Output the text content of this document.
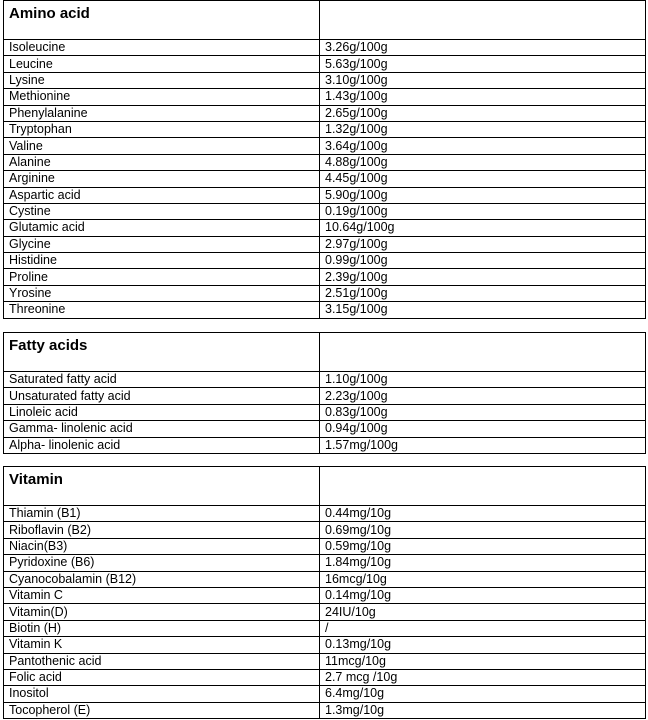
Amino acid	
Isoleucine	3.26g/100g
Leucine	5.63g/100g
Lysine	3.10g/100g
Methionine	1.43g/100g
Phenylalanine	2.65g/100g
Tryptophan	1.32g/100g
Valine	3.64g/100g
Alanine	4.88g/100g
Arginine	4.45g/100g
Aspartic acid	5.90g/100g
Cystine	0.19g/100g
Glutamic acid	10.64g/100g
Glycine	2.97g/100g
Histidine	0.99g/100g
Proline	2.39g/100g
Yrosine	2.51g/100g
Threonine	3.15g/100g
Fatty acids	
Saturated fatty acid	1.10g/100g
Unsaturated fatty acid	2.23g/100g
Linoleic acid	0.83g/100g
Gamma- linolenic acid	0.94g/100g
Alpha- linolenic acid	1.57mg/100g
Vitamin	
Thiamin (B1)	0.44mg/10g
Riboflavin (B2)	0.69mg/10g
Niacin(B3)	0.59mg/10g
Pyridoxine (B6)	1.84mg/10g
Cyanocobalamin (B12)	16mcg/10g
Vitamin C	0.14mg/10g
Vitamin(D)	24IU/10g
Biotin (H)	/
Vitamin K	0.13mg/10g
Pantothenic acid	11mcg/10g
Folic acid	2.7 mcg /10g
Inositol	6.4mg/10g
Tocopherol (E)	1.3mg/10g
